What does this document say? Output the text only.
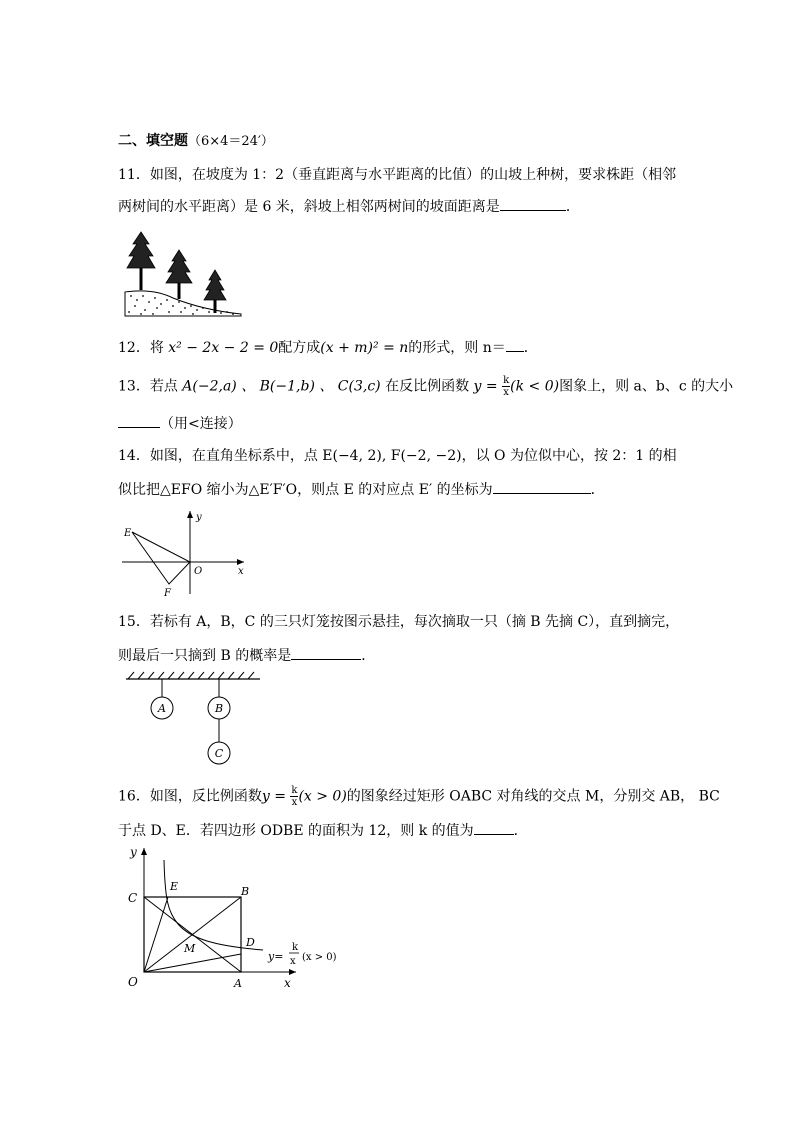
二、填空题（6×4＝24′）
11．如图，在坡度为 1：2（垂直距离与水平距离的比值）的山坡上种树，要求株距（相邻
两树间的水平距离）是 6 米，斜坡上相邻两树间的坡面距离是	．
12．将 x² − 2x − 2 = 0配方成(x + m)² = n的形式，则 n＝ ．
13．若点 A(−2,a) 、 B(−1,b) 、 C(3,c) 在反比例函数 $y = \frac{k}{x} (k < 0)$图象上，则 a、b、c 的大小
（用<连接）
14．如图，在直角坐标系中，点 E(−4, 2), F(−2, −2)，以 O 为位似中心，按 2：1 的相
似比把△EFO 缩小为△E′F′O，则点 E 的对应点 E′ 的坐标为	．
E
F
O	x
y
15．若标有 A，B，C 的三只灯笼按图示悬挂，每次摘取一只（摘 B 先摘 C），直到摘完，
则最后一只摘到 B 的概率是	．
A	B
C
16．如图，反比例函数$y = \frac{k}{x} (x > 0)$的图象经过矩形 OABC 对角线的交点 M，分别交 AB， BC
于点 D、E．若四边形 ODBE 的面积为 12，则 k 的值为	．
y
x
C
E	B
M	D
O	A
y=
k
x (x > 0)
